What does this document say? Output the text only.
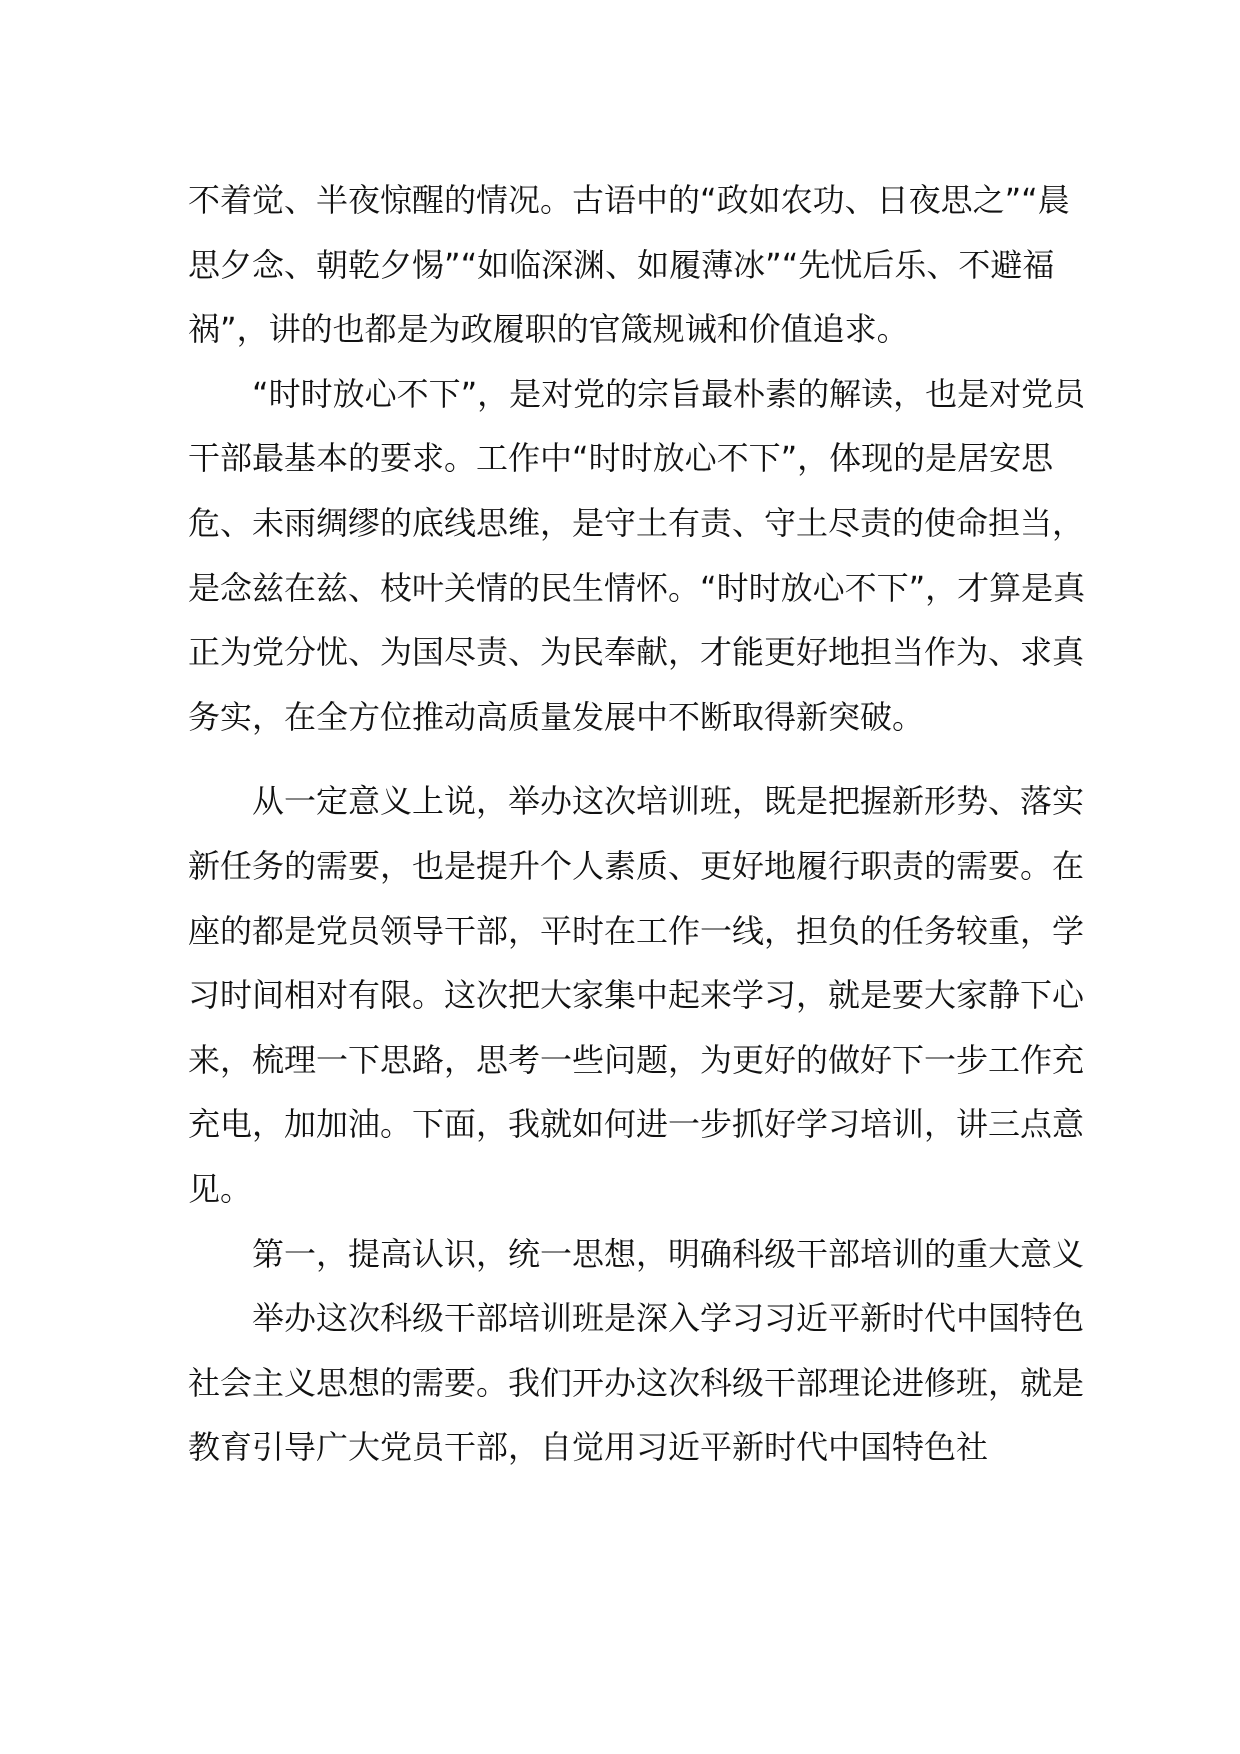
不着觉、半夜惊醒的情况。古语中的“政如农功、日夜思之”“晨思夕念、朝乾夕惕”“如临深渊、如履薄冰”“先忧后乐、不避福祸”，讲的也都是为政履职的官箴规诫和价值追求。

“时时放心不下”，是对党的宗旨最朴素的解读，也是对党员干部最基本的要求。工作中“时时放心不下”，体现的是居安思危、未雨绸缪的底线思维，是守土有责、守土尽责的使命担当，是念兹在兹、枝叶关情的民生情怀。“时时放心不下”，才算是真正为党分忧、为国尽责、为民奉献，才能更好地担当作为、求真务实，在全方位推动高质量发展中不断取得新突破。

从一定意义上说，举办这次培训班，既是把握新形势、落实新任务的需要，也是提升个人素质、更好地履行职责的需要。在座的都是党员领导干部，平时在工作一线，担负的任务较重，学习时间相对有限。这次把大家集中起来学习，就是要大家静下心来，梳理一下思路，思考一些问题，为更好的做好下一步工作充充电，加加油。下面，我就如何进一步抓好学习培训，讲三点意见。

第一，提高认识，统一思想，明确科级干部培训的重大意义

举办这次科级干部培训班是深入学习习近平新时代中国特色社会主义思想的需要。我们开办这次科级干部理论进修班，就是教育引导广大党员干部，自觉用习近平新时代中国特色社
